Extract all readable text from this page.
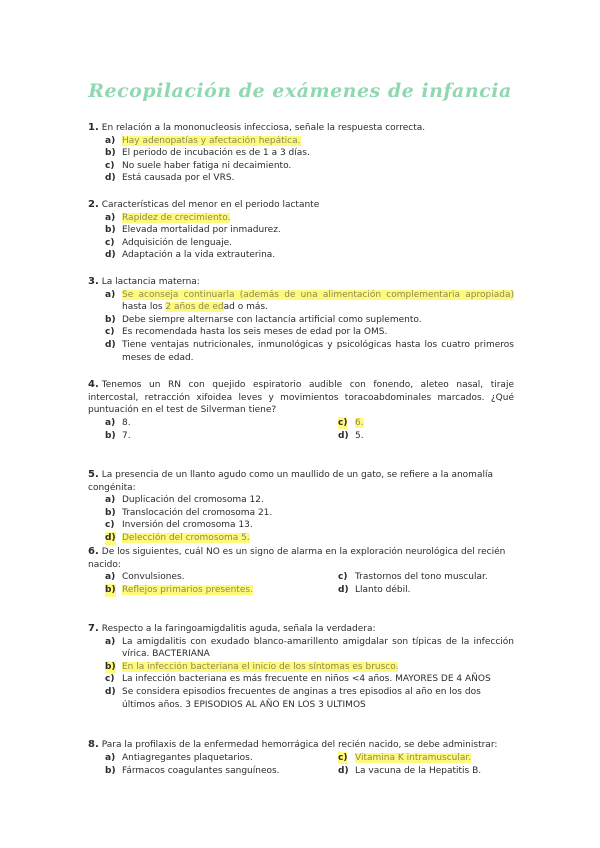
Recopilación de exámenes de infancia

1. En relación a la mononucleosis infecciosa, señale la respuesta correcta.

a) Hay adenopatías y afectación hepática.
b) El periodo de incubación es de 1 a 3 días.
c) No suele haber fatiga ni decaimiento.
d) Está causada por el VRS.

2. Características del menor en el periodo lactante

a) Rapidez de crecimiento.
b) Elevada mortalidad por inmadurez.
c) Adquisición de lenguaje.
d) Adaptación a la vida extrauterina.

3. La lactancia materna:

a) Se aconseja continuarla (además de una alimentación complementaria apropiada) hasta los 2 años de edad o más.
b) Debe siempre alternarse con lactancia artificial como suplemento.
c) Es recomendada hasta los seis meses de edad por la OMS.
d) Tiene ventajas nutricionales, inmunológicas y psicológicas hasta los cuatro primeros meses de edad.

4. Tenemos un RN con quejido espiratorio audible con fonendo, aleteo nasal, tiraje intercostal, retracción xifoidea leves y movimientos toracoabdominales marcados. ¿Qué puntuación en el test de Silverman tiene?

a) 8.
b) 7.
c) 6.
d) 5.

5. La presencia de un llanto agudo como un maullido de un gato, se refiere a la anomalía congénita:

a) Duplicación del cromosoma 12.
b) Translocación del cromosoma 21.
c) Inversión del cromosoma 13.
d) Delección del cromosoma 5.

6. De los siguientes, cuál NO es un signo de alarma en la exploración neurológica del recién nacido:

a) Convulsiones.
b) Reflejos primarios presentes.
c) Trastornos del tono muscular.
d) Llanto débil.

7. Respecto a la faringoamigdalitis aguda, señala la verdadera:

a) La amigdalitis con exudado blanco-amarillento amigdalar son típicas de la infección vírica. BACTERIANA
b) En la infección bacteriana el inicio de los síntomas es brusco.
c) La infección bacteriana es más frecuente en niños <4 años. MAYORES DE 4 AÑOS
d) Se considera episodios frecuentes de anginas a tres episodios al año en los dos últimos años. 3 EPISODIOS AL AÑO EN LOS 3 ULTIMOS

8. Para la profilaxis de la enfermedad hemorrágica del recién nacido, se debe administrar:

a) Antiagregantes plaquetarios.
b) Fármacos coagulantes sanguíneos.
c) Vitamina K intramuscular.
d) La vacuna de la Hepatitis B.
